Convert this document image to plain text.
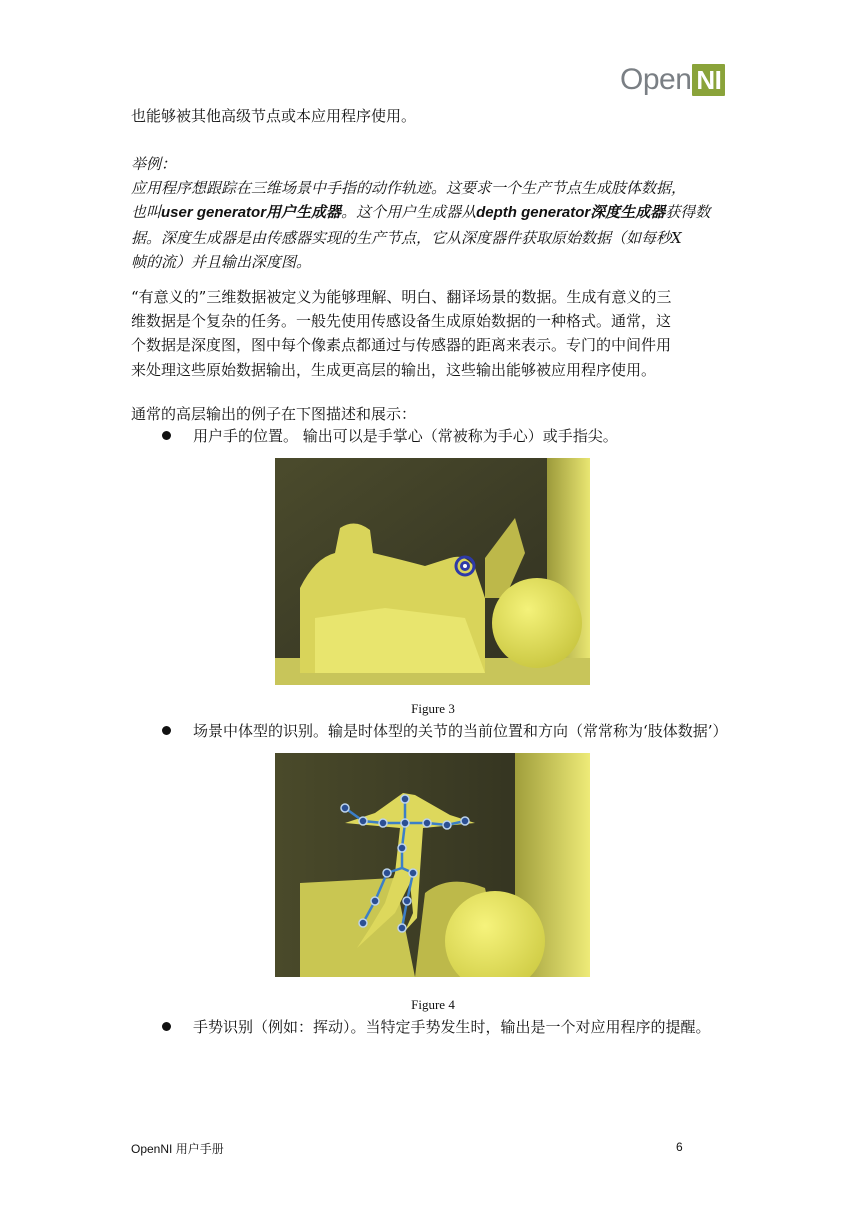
Open NI
也能够被其他高级节点或本应用程序使用。
举例：
应用程序想跟踪在三维场景中手指的动作轨迹。这要求一个生产节点生成肢体数据，
也叫user generator用户生成器。这个用户生成器从depth generator深度生成器获得数
据。深度生成器是由传感器实现的生产节点，它从深度器件获取原始数据（如每秒X
帧的流）并且输出深度图。
“有意义的”三维数据被定义为能够理解、明白、翻译场景的数据。生成有意义的三
维数据是个复杂的任务。一般先使用传感设备生成原始数据的一种格式。通常，这
个数据是深度图，图中每个像素点都通过与传感器的距离来表示。专门的中间件用
来处理这些原始数据输出，生成更高层的输出，这些输出能够被应用程序使用。
通常的高层输出的例子在下图描述和展示：
用户手的位置。 输出可以是手掌心（常被称为手心）或手指尖。
Figure 3
场景中体型的识别。输是时体型的关节的当前位置和方向（常常称为‘肢体数据’）
Figure 4
手势识别（例如：挥动）。当特定手势发生时，输出是一个对应用程序的提醒。
OpenNI 用户手册	6
